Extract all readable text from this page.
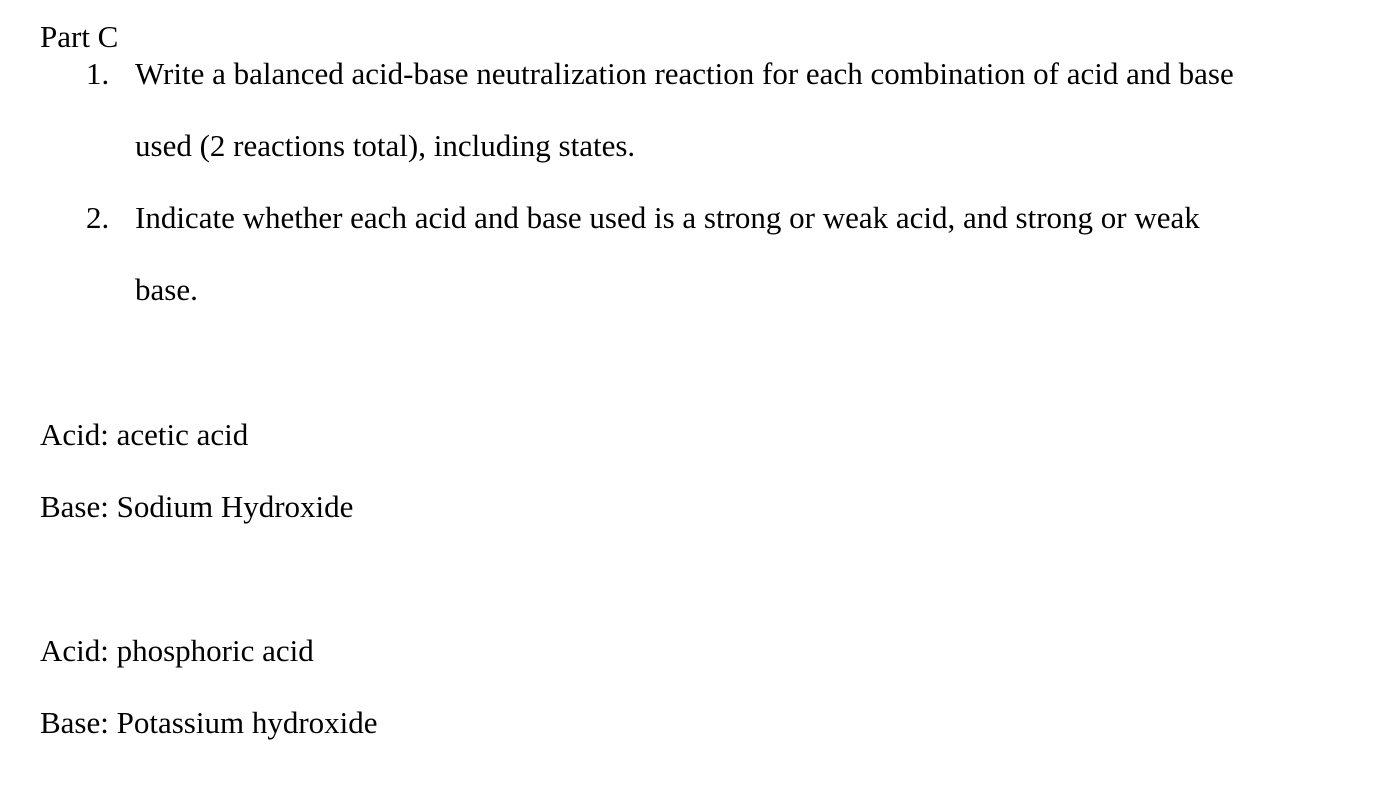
Part C
1. Write a balanced acid-base neutralization reaction for each combination of acid and base
used (2 reactions total), including states.
2. Indicate whether each acid and base used is a strong or weak acid, and strong or weak
base.
Acid: acetic acid
Base: Sodium Hydroxide
Acid: phosphoric acid
Base: Potassium hydroxide
